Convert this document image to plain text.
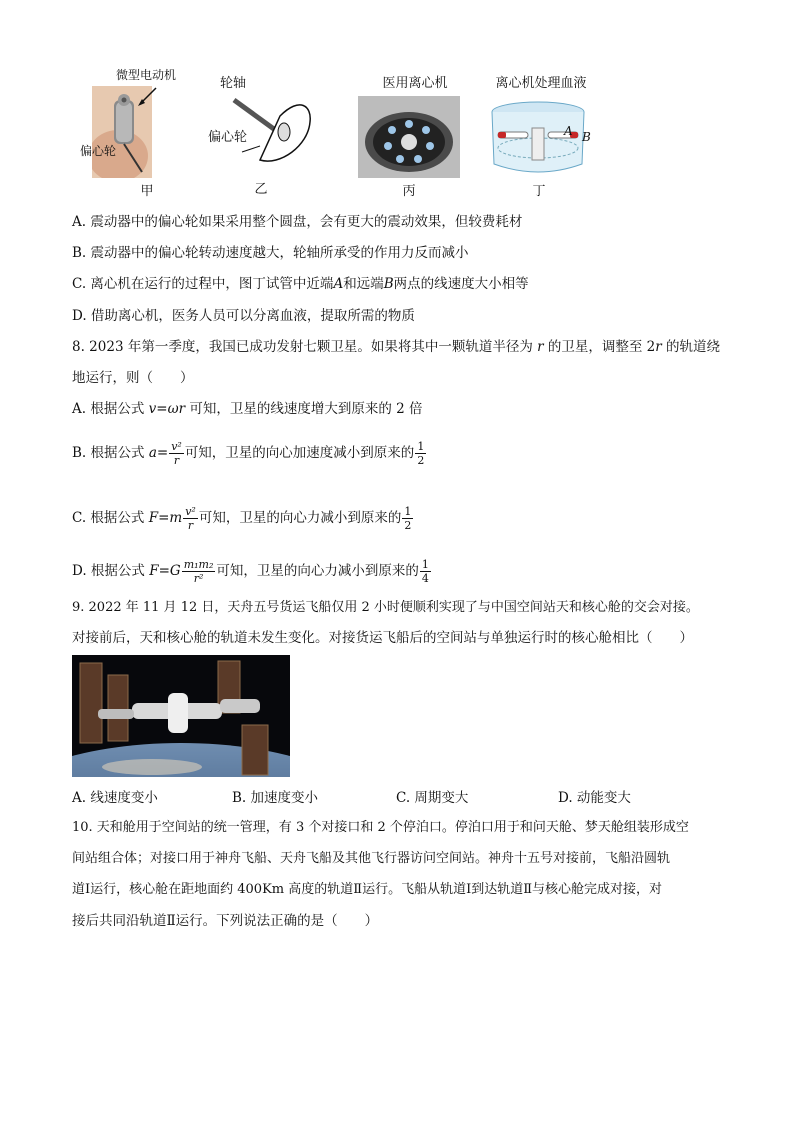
微型电动机
偏心轮
甲
轮轴
偏心轮
乙
医用离心机
丙
离心机处理血液
A B
丁
A. 震动器中的偏心轮如果采用整个圆盘，会有更大的震动效果，但较费耗材
B. 震动器中的偏心轮转动速度越大，轮轴所承受的作用力反而减小
C. 离心机在运行的过程中，图丁试管中近端A和远端B两点的线速度大小相等
D. 借助离心机，医务人员可以分离血液，提取所需的物质
8. 2023 年第一季度，我国已成功发射七颗卫星。如果将其中一颗轨道半径为 r 的卫星，调整至 2r 的轨道绕
地运行，则（　　）
A. 根据公式 v=ωr 可知，卫星的线速度增大到原来的 2 倍
B. 根据公式 $a= \frac{\text{v²}}{r}$ 可知，卫星的向心加速度减小到原来的 $\frac{1}{2}$
C. 根据公式 $F=m \frac{\text{v²}}{r}$ 可知，卫星的向心力减小到原来的 $\frac{1}{2}$
D. 根据公式 $F=G \frac{\text{m₁m₂}}{\text{r²}}$ 可知，卫星的向心力减小到原来的 $\frac{1}{4}$
9. 2022 年 11 月 12 日，天舟五号货运飞船仅用 2 小时便顺利实现了与中国空间站天和核心舱的交会对接。
对接前后，天和核心舱的轨道未发生变化。对接货运飞船后的空间站与单独运行时的核心舱相比（　　）
A. 线速度变小	B. 加速度变小	C. 周期变大	D. 动能变大
10. 天和舱用于空间站的统一管理，有 3 个对接口和 2 个停泊口。停泊口用于和问天舱、梦天舱组装形成空
间站组合体；对接口用于神舟飞船、天舟飞船及其他飞行器访问空间站。神舟十五号对接前，飞船沿圆轨
道Ⅰ运行，核心舱在距地面约 400Km 高度的轨道Ⅱ运行。飞船从轨道Ⅰ到达轨道Ⅱ与核心舱完成对接，对
接后共同沿轨道Ⅱ运行。下列说法正确的是（　　）
